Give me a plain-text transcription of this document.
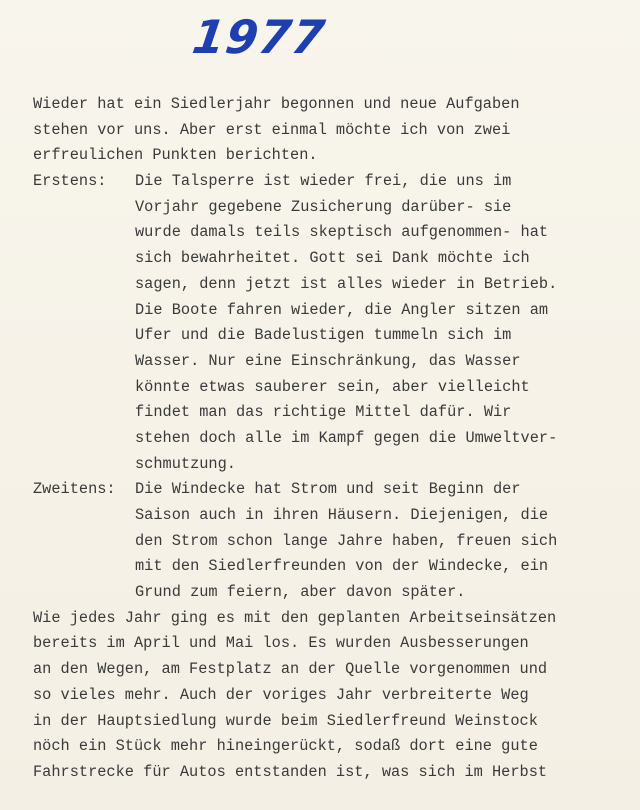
1977
Wieder hat ein Siedlerjahr begonnen und neue Aufgaben
stehen vor uns. Aber erst einmal möchte ich von zwei
erfreulichen Punkten berichten.
Erstens:	Die Talsperre ist wieder frei, die uns im
Vorjahr gegebene Zusicherung darüber- sie
wurde damals teils skeptisch aufgenommen- hat
sich bewahrheitet. Gott sei Dank möchte ich
sagen, denn jetzt ist alles wieder in Betrieb.
Die Boote fahren wieder, die Angler sitzen am
Ufer und die Badelustigen tummeln sich im
Wasser. Nur eine Einschränkung, das Wasser
könnte etwas sauberer sein, aber vielleicht
findet man das richtige Mittel dafür. Wir
stehen doch alle im Kampf gegen die Umweltver-
schmutzung.
Zweitens:	Die Windecke hat Strom und seit Beginn der
Saison auch in ihren Häusern. Diejenigen, die
den Strom schon lange Jahre haben, freuen sich
mit den Siedlerfreunden von der Windecke, ein
Grund zum feiern, aber davon später.
Wie jedes Jahr ging es mit den geplanten Arbeitseinsätzen
bereits im April und Mai los. Es wurden Ausbesserungen
an den Wegen, am Festplatz an der Quelle vorgenommen und
so vieles mehr. Auch der voriges Jahr verbreiterte Weg
in der Hauptsiedlung wurde beim Siedlerfreund Weinstock
nöch ein Stück mehr hineingerückt, sodaß dort eine gute
Fahrstrecke für Autos entstanden ist, was sich im Herbst
